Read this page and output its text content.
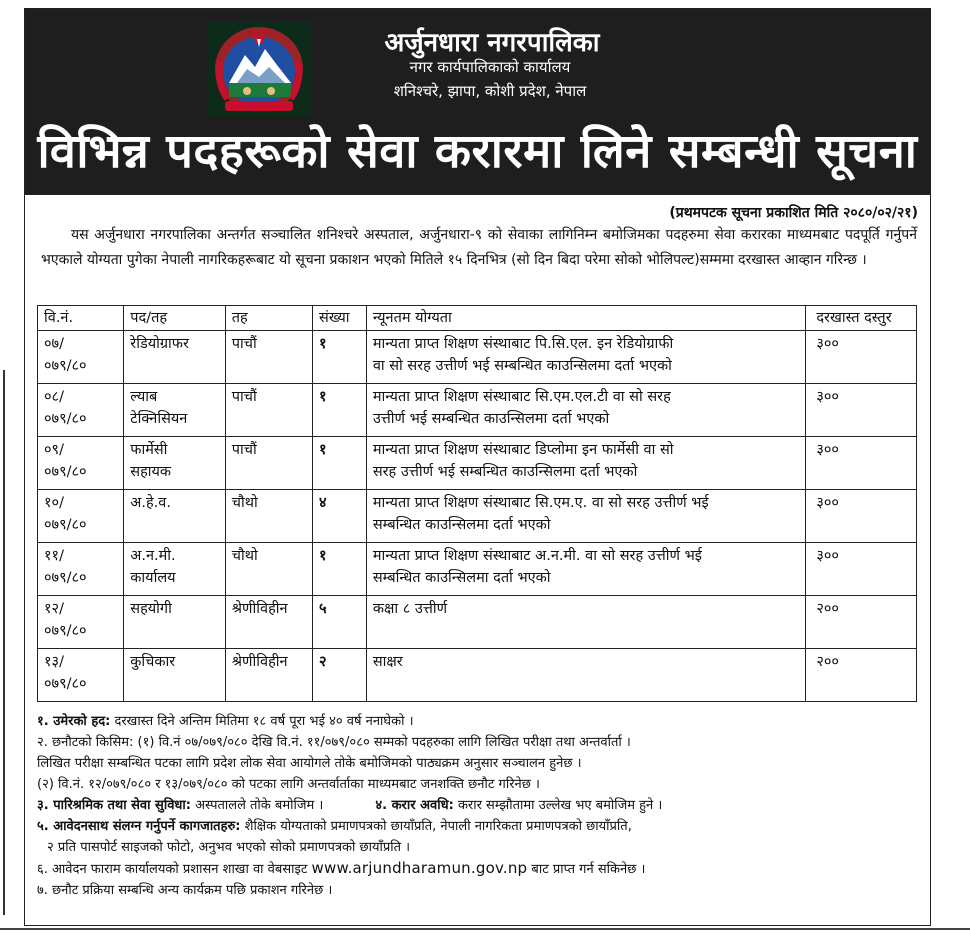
अर्जुनधारा नगरपालिका
नगर कार्यपालिकाको कार्यालय
शनिश्चरे, झापा, कोशी प्रदेश, नेपाल
विभिन्न पदहरूको सेवा करारमा लिने सम्बन्धी सूचना
(प्रथमपटक सूचना प्रकाशित मिति २०८०/०२/२१)
यस अर्जुनधारा नगरपालिका अन्तर्गत सञ्चालित शनिश्चरे अस्पताल, अर्जुनधारा-९ को सेवाका लागिनिम्न बमोजिमका पदहरुमा सेवा करारका माध्यमबाट पदपूर्ति गर्नुपर्ने भएकाले योग्यता पुगेका नेपाली नागरिकहरूबाट यो सूचना प्रकाशन भएको मितिले १५ दिनभित्र (सो दिन बिदा परेमा सोको भोलिपल्ट)सम्ममा दरखास्त आव्हान गरिन्छ ।
वि.नं.	पद/तह	तह	संख्या	न्यूनतम योग्यता	दरखास्त दस्तुर
०७/
०७९/८०	रेडियोग्राफर	पाचौं	१	मान्यता प्राप्त शिक्षण संस्थाबाट पि.सि.एल. इन रेडियोग्राफी
वा सो सरह उत्तीर्ण भई सम्बन्धित काउन्सिलमा दर्ता भएको	३००
०८/
०७९/८०	ल्याब
टेक्निसियन	पाचौं	१	मान्यता प्राप्त शिक्षण संस्थाबाट सि.एम.एल.टी वा सो सरह
उत्तीर्ण भई सम्बन्धित काउन्सिलमा दर्ता भएको	३००
०९/
०७९/८०	फार्मेसी
सहायक	पाचौं	१	मान्यता प्राप्त शिक्षण संस्थाबाट डिप्लोमा इन फार्मेसी वा सो
सरह उत्तीर्ण भई सम्बन्धित काउन्सिलमा दर्ता भएको	३००
१०/
०७९/८०	अ.हे.व.	चौथो	४	मान्यता प्राप्त शिक्षण संस्थाबाट सि.एम.ए. वा सो सरह उत्तीर्ण भई
सम्बन्धित काउन्सिलमा दर्ता भएको	३००
११/
०७९/८०	अ.न.मी.
कार्यालय	चौथो	१	मान्यता प्राप्त शिक्षण संस्थाबाट अ.न.मी. वा सो सरह उत्तीर्ण भई
सम्बन्धित काउन्सिलमा दर्ता भएको	३००
१२/
०७९/८०	सहयोगी	श्रेणीविहीन	५	कक्षा ८ उत्तीर्ण	२००
१३/
०७९/८०	कुचिकार	श्रेणीविहीन	२	साक्षर	२००
१. उमेरको हद: दरखास्त दिने अन्तिम मितिमा १८ वर्ष पूरा भई ४० वर्ष ननाघेको ।
२. छनौटको किसिम: (१) वि.नं ०७/०७९/०८० देखि वि.नं. ११/०७९/०८० सम्मको पदहरुका लागि लिखित परीक्षा तथा अन्तर्वार्ता ।
लिखित परीक्षा सम्बन्धित पटका लागि प्रदेश लोक सेवा आयोगले तोके बमोजिमको पाठ्यक्रम अनुसार सञ्चालन हुनेछ ।
(२) वि.नं. १२/०७९/०८० र १३/०७९/०८० को पटका लागि अन्तर्वार्ताका माध्यमबाट जनशक्ति छनौट गरिनेछ ।
३. पारिश्रमिक तथा सेवा सुविधा: अस्पतालले तोके बमोजिम ।	४. करार अवधि: करार सम्झौतामा उल्लेख भए बमोजिम हुने ।
५. आवेदनसाथ संलग्न गर्नुपर्ने कागजातहरु: शैक्षिक योग्यताको प्रमाणपत्रको छायाँप्रति, नेपाली नागरिकता प्रमाणपत्रको छायाँप्रति,
२ प्रति पासपोर्ट साइजको फोटो, अनुभव भएको सोको प्रमाणपत्रको छायाँप्रति ।
६. आवेदन फाराम कार्यालयको प्रशासन शाखा वा वेबसाइट www.arjundharamun.gov.np बाट प्राप्त गर्न सकिनेछ ।
७. छनौट प्रक्रिया सम्बन्धि अन्य कार्यक्रम पछि प्रकाशन गरिनेछ ।
